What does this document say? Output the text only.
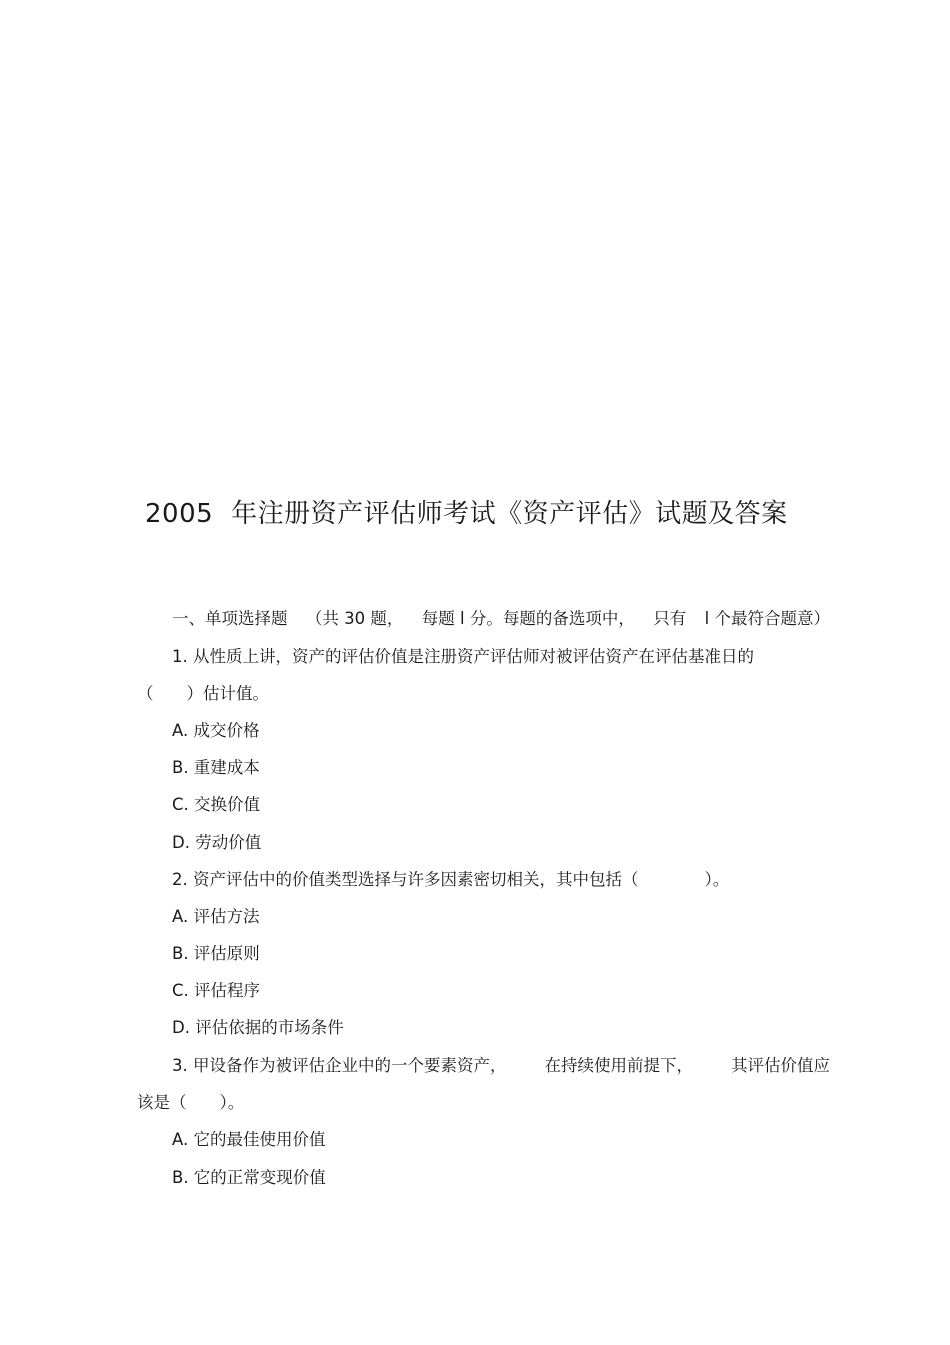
2005 年注册资产评估师考试《资产评估》试题及答案
一、单项选择题 （共 30 题， 每题 l 分。每题的备选项中， 只有 l 个最符合题意）
1. 从性质上讲，资产的评估价值是注册资产评估师对被评估资产在评估基准日的
（　　）估计值。
A. 成交价格
B. 重建成本
C. 交换价值
D. 劳动价值
2. 资产评估中的价值类型选择与许多因素密切相关，其中包括（　　　　）。
A. 评估方法
B. 评估原则
C. 评估程序
D. 评估依据的市场条件
3. 甲设备作为被评估企业中的一个要素资产， 在持续使用前提下， 其评估价值应
该是（　　）。
A. 它的最佳使用价值
B. 它的正常变现价值
